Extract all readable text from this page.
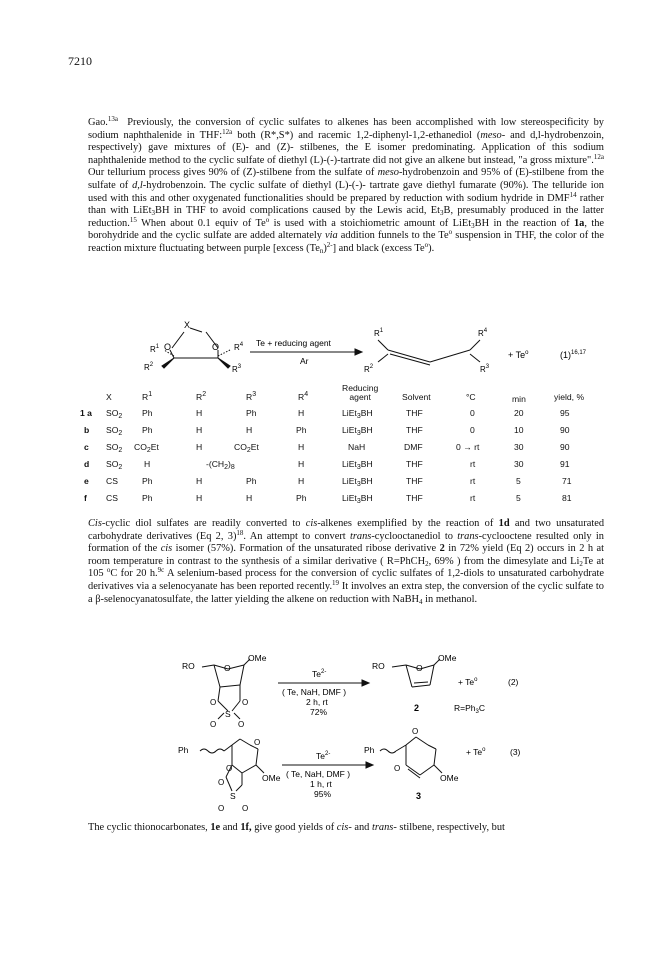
7210

Gao.$^{13a}$ Previously, the conversion of cyclic sulfates to alkenes has been accomplished with low stereospecificity by sodium naphthalenide in THF:$^{12a}$ both (R*,S*) and racemic 1,2-diphenyl-1,2-ethanediol (meso- and d,l-hydrobenzoin, respectively) gave mixtures of (E)- and (Z)- stilbenes, the E isomer predominating. Application of this sodium naphthalenide method to the cyclic sulfate of diethyl (L)-(-)-tartrate did not give an alkene but instead, "a gross mixture".$^{12a}$ Our tellurium process gives 90% of (Z)-stilbene from the sulfate of meso-hydrobenzoin and 95% of (E)-stilbene from the sulfate of d,l-hydrobenzoin. The cyclic sulfate of diethyl (L)-(-)- tartrate gave diethyl fumarate (90%). The telluride ion used with this and other oxygenated functionalities should be prepared by reduction with sodium hydride in DMF$^{14}$ rather than with LiEt$_3$BH in THF to avoid complications caused by the Lewis acid, $Et_3B$, presumably produced in the latter reduction.$^{15}$ When about 0.1 equiv of Te$^o$ is used with a stoichiometric amount of LiEt$_3$BH in the reaction of 1a, the borohydride and the cyclic sulfate are added alternately via addition funnels to the Te$^o$ suspension in THF, the color of the reaction mixture fluctuating between purple [excess $(Te_n)^{2-}$] and black (excess Te$^o$).

X
O	O
$R^1$
$R^2$
$R^4$
$R^3$
Te + reducing agent
Ar
$R^1$
$R^2$
$R^4$
$R^3$
+ $Te^o$	$(1)^{16,17}$
X	$R^1$	$R^2$	$R^3$	$R^4$
Reducing
agent	Solvent	°C	min	yield, %
1 a $SO_2$ Ph	H	Ph	H	LiEt$_3$BH	THF	0	20	95
b $SO_2$ Ph	H	H	Ph	LiEt$_3$BH	THF	0	10	90
c $SO_2$ $CO_2Et$	H	$CO_2Et$	H	NaH	DMF	0 → rt	30	90
d $SO_2$	H	$-(CH_2)_8$	H	LiEt$_3$BH	THF	rt	30	91
e CS	Ph	H	Ph	H	LiEt$_3$BH	THF	rt	5	71
f CS	Ph	H	H	Ph	LiEt$_3$BH	THF	rt	5	81

Cis-cyclic diol sulfates are readily converted to cis-alkenes exemplified by the reaction of 1d and two unsaturated carbohydrate derivatives (Eq 2, 3)$^{18}$. An attempt to convert trans-cyclooctanediol to trans-cyclooctene resulted only in formation of the cis isomer (57%). Formation of the unsaturated ribose derivative 2 in 72% yield (Eq 2) occurs in 2 h at room temperature in contrast to the synthesis of a similar derivative ( R=PhCH$_2$, 69% ) from the dimesylate and $Li_2Te$ at 105 $^o$C for 20 h.$^{9c}$ A selenium-based process for the conversion of cyclic sulfates of 1,2-diols to unsaturated carbohydrate derivatives via a selenocyanate has been reported recently.$^{19}$ It involves an extra step, the conversion of the cyclic sulfate to a β-selenocyanatosulfate, the latter yielding the alkene on reduction with NaBH$_4$ in methanol.

RO	O
OMe
S
O	O
O	O
$Te^{2-}$
( Te, NaH, DMF )
2 h, rt
72%
RO	O
OMe
2
+ $Te^o$	(2)
$R=Ph_3C$
Ph
O
O
OMe
S
O
O O
$Te^{2-}$
( Te, NaH, DMF )
1 h, rt
95%
Ph
O
O
OMe
3
+ $Te^o$	(3)

The cyclic thionocarbonates, 1e and 1f, give good yields of cis- and trans- stilbene, respectively, but
